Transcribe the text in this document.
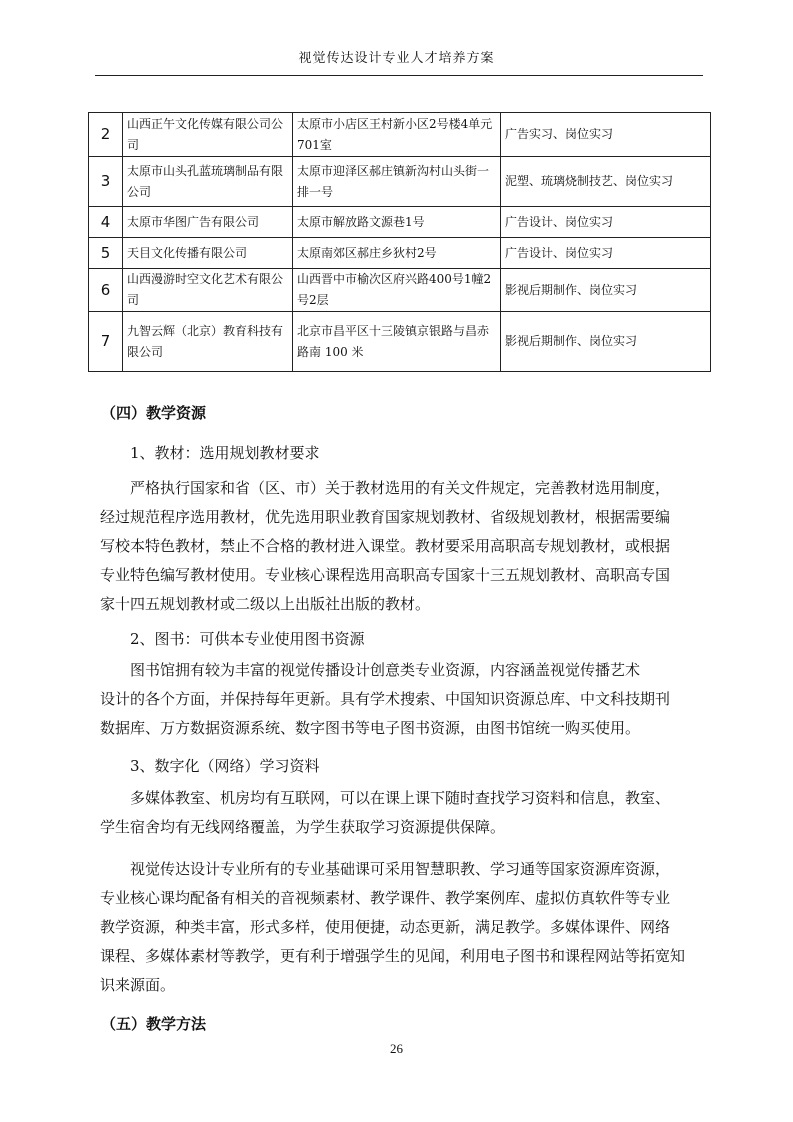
视觉传达设计专业人才培养方案
2	山西正午文化传媒有限公司公司	太原市小店区王村新小区2号楼4单元701室	广告实习、岗位实习
3	太原市山头孔蓝琉璃制品有限公司	太原市迎泽区郝庄镇新沟村山头街一排一号	泥塑、琉璃烧制技艺、岗位实习
4	太原市华图广告有限公司	太原市解放路文源巷1号	广告设计、岗位实习
5	天目文化传播有限公司	太原南郊区郝庄乡狄村2号	广告设计、岗位实习
6	山西漫游时空文化艺术有限公司	山西晋中市榆次区府兴路400号1幢2号2层	影视后期制作、岗位实习
7	九智云辉（北京）教育科技有限公司	北京市昌平区十三陵镇京银路与昌赤路南 100 米	影视后期制作、岗位实习
（四）教学资源
1、教材：选用规划教材要求
严格执行国家和省（区、市）关于教材选用的有关文件规定，完善教材选用制度，
经过规范程序选用教材，优先选用职业教育国家规划教材、省级规划教材，根据需要编
写校本特色教材，禁止不合格的教材进入课堂。教材要采用高职高专规划教材，或根据
专业特色编写教材使用。专业核心课程选用高职高专国家十三五规划教材、高职高专国
家十四五规划教材或二级以上出版社出版的教材。
2、图书：可供本专业使用图书资源
图书馆拥有较为丰富的视觉传播设计创意类专业资源，内容涵盖视觉传播艺术
设计的各个方面，并保持每年更新。具有学术搜索、中国知识资源总库、中文科技期刊
数据库、万方数据资源系统、数字图书等电子图书资源，由图书馆统一购买使用。
3、数字化（网络）学习资料
多媒体教室、机房均有互联网，可以在课上课下随时查找学习资料和信息，教室、
学生宿舍均有无线网络覆盖，为学生获取学习资源提供保障。
视觉传达设计专业所有的专业基础课可采用智慧职教、学习通等国家资源库资源，
专业核心课均配备有相关的音视频素材、教学课件、教学案例库、虚拟仿真软件等专业
教学资源，种类丰富，形式多样，使用便捷，动态更新，满足教学。多媒体课件、网络
课程、多媒体素材等教学，更有利于增强学生的见闻，利用电子图书和课程网站等拓宽知
识来源面。
（五）教学方法
26
